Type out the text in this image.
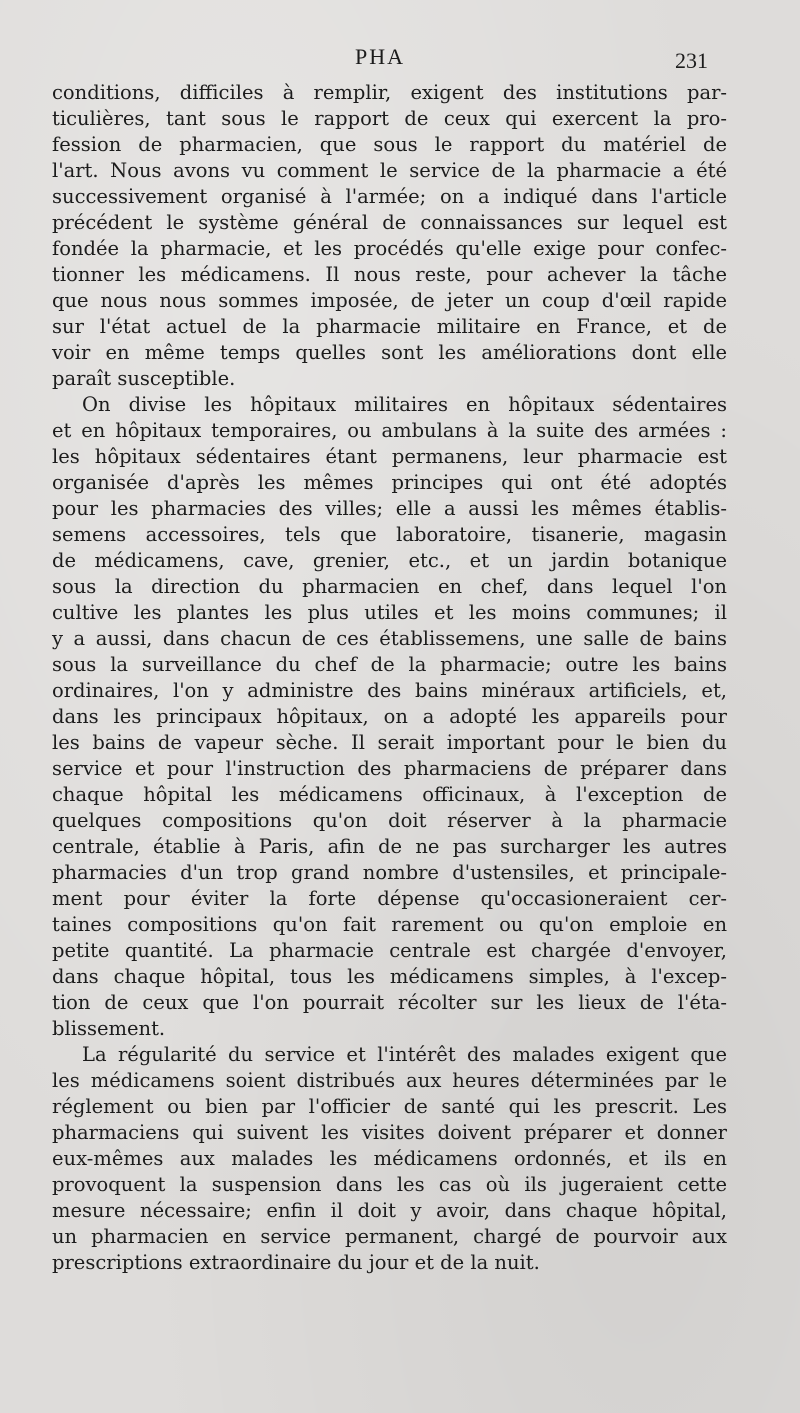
PHA	231
conditions, difficiles à remplir, exigent des institutions par-
ticulières, tant sous le rapport de ceux qui exercent la pro-
fession de pharmacien, que sous le rapport du matériel de
l'art. Nous avons vu comment le service de la pharmacie a été
successivement organisé à l'armée; on a indiqué dans l'article
précédent le système général de connaissances sur lequel est
fondée la pharmacie, et les procédés qu'elle exige pour confec-
tionner les médicamens. Il nous reste, pour achever la tâche
que nous nous sommes imposée, de jeter un coup d'œil rapide
sur l'état actuel de la pharmacie militaire en France, et de
voir en même temps quelles sont les améliorations dont elle
paraît susceptible.
On divise les hôpitaux militaires en hôpitaux sédentaires
et en hôpitaux temporaires, ou ambulans à la suite des armées :
les hôpitaux sédentaires étant permanens, leur pharmacie est
organisée d'après les mêmes principes qui ont été adoptés
pour les pharmacies des villes; elle a aussi les mêmes établis-
semens accessoires, tels que laboratoire, tisanerie, magasin
de médicamens, cave, grenier, etc., et un jardin botanique
sous la direction du pharmacien en chef, dans lequel l'on
cultive les plantes les plus utiles et les moins communes; il
y a aussi, dans chacun de ces établissemens, une salle de bains
sous la surveillance du chef de la pharmacie; outre les bains
ordinaires, l'on y administre des bains minéraux artificiels, et,
dans les principaux hôpitaux, on a adopté les appareils pour
les bains de vapeur sèche. Il serait important pour le bien du
service et pour l'instruction des pharmaciens de préparer dans
chaque hôpital les médicamens officinaux, à l'exception de
quelques compositions qu'on doit réserver à la pharmacie
centrale, établie à Paris, afin de ne pas surcharger les autres
pharmacies d'un trop grand nombre d'ustensiles, et principale-
ment pour éviter la forte dépense qu'occasioneraient cer-
taines compositions qu'on fait rarement ou qu'on emploie en
petite quantité. La pharmacie centrale est chargée d'envoyer,
dans chaque hôpital, tous les médicamens simples, à l'excep-
tion de ceux que l'on pourrait récolter sur les lieux de l'éta-
blissement.
La régularité du service et l'intérêt des malades exigent que
les médicamens soient distribués aux heures déterminées par le
réglement ou bien par l'officier de santé qui les prescrit. Les
pharmaciens qui suivent les visites doivent préparer et donner
eux-mêmes aux malades les médicamens ordonnés, et ils en
provoquent la suspension dans les cas où ils jugeraient cette
mesure nécessaire; enfin il doit y avoir, dans chaque hôpital,
un pharmacien en service permanent, chargé de pourvoir aux
prescriptions extraordinaire du jour et de la nuit.
